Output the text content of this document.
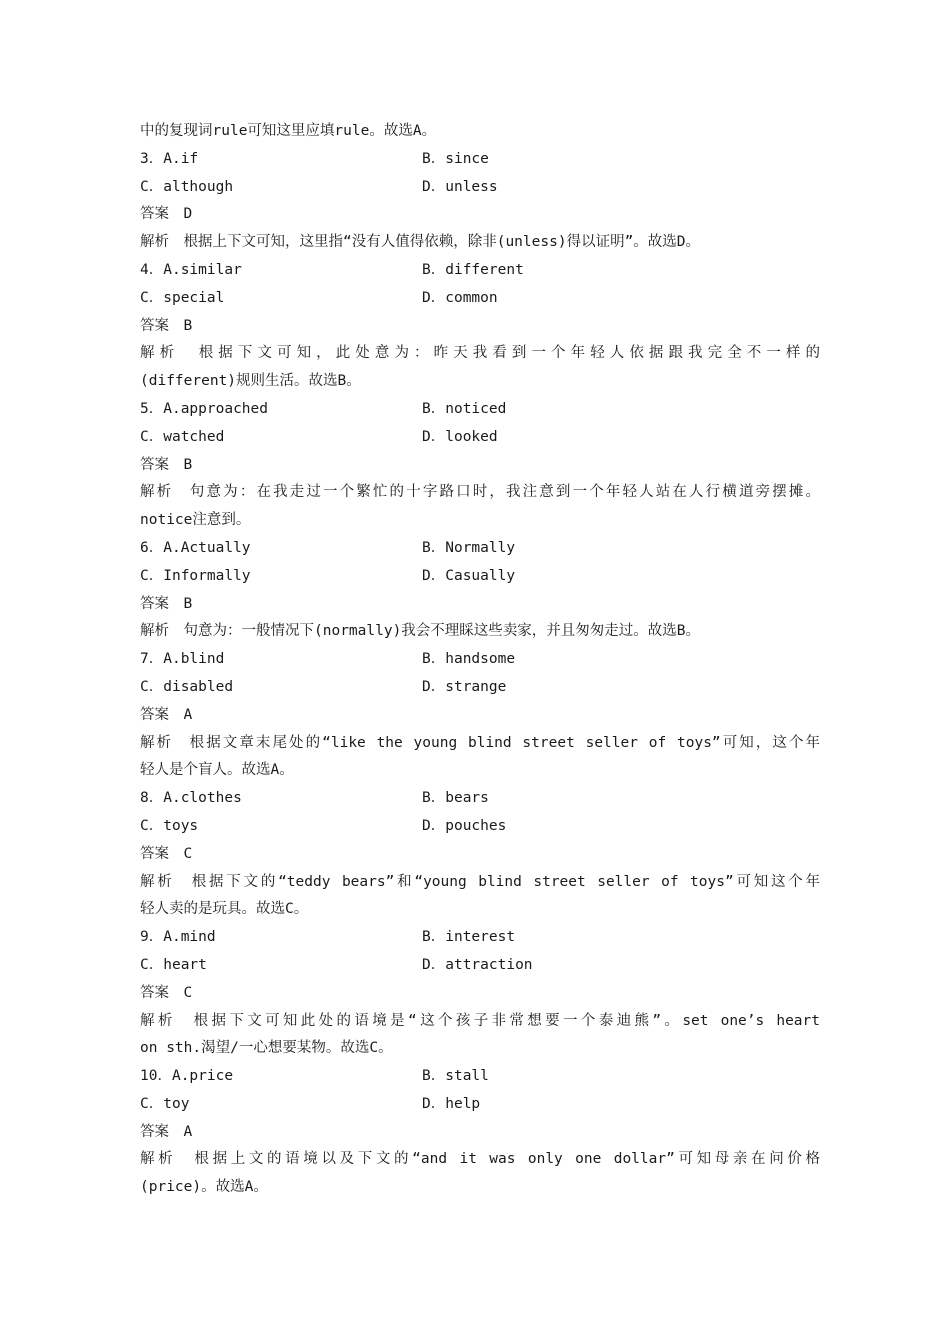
中的复现词rule可知这里应填rule。故选A。
3．A.if	B．since
C．although	D．unless
答案　D
解析　根据上下文可知，这里指“没有人值得依赖，除非(unless)得以证明”。故选D。
4．A.similar	B．different
C．special	D．common
答案　B
解析　根据下文可知，此处意为：昨天我看到一个年轻人依据跟我完全不一样的
(different)规则生活。故选B。
5．A.approached	B．noticed
C．watched	D．looked
答案　B
解析　句意为：在我走过一个繁忙的十字路口时，我注意到一个年轻人站在人行横道旁摆摊。
notice注意到。
6．A.Actually	B．Normally
C．Informally	D．Casually
答案　B
解析　句意为：一般情况下(normally)我会不理睬这些卖家，并且匆匆走过。故选B。
7．A.blind	B．handsome
C．disabled	D．strange
答案　A
解析　根据文章末尾处的“like the young blind street seller of toys”可知，这个年
轻人是个盲人。故选A。
8．A.clothes	B．bears
C．toys	D．pouches
答案　C
解析　根据下文的“teddy bears”和“young blind street seller of toys”可知这个年
轻人卖的是玩具。故选C。
9．A.mind	B．interest
C．heart	D．attraction
答案　C
解析　根据下文可知此处的语境是“这个孩子非常想要一个泰迪熊”。set one’s heart
on sth.渴望/一心想要某物。故选C。
10．A.price	B．stall
C．toy	D．help
答案　A
解析　根据上文的语境以及下文的“and it was only one dollar”可知母亲在问价格
(price)。故选A。
